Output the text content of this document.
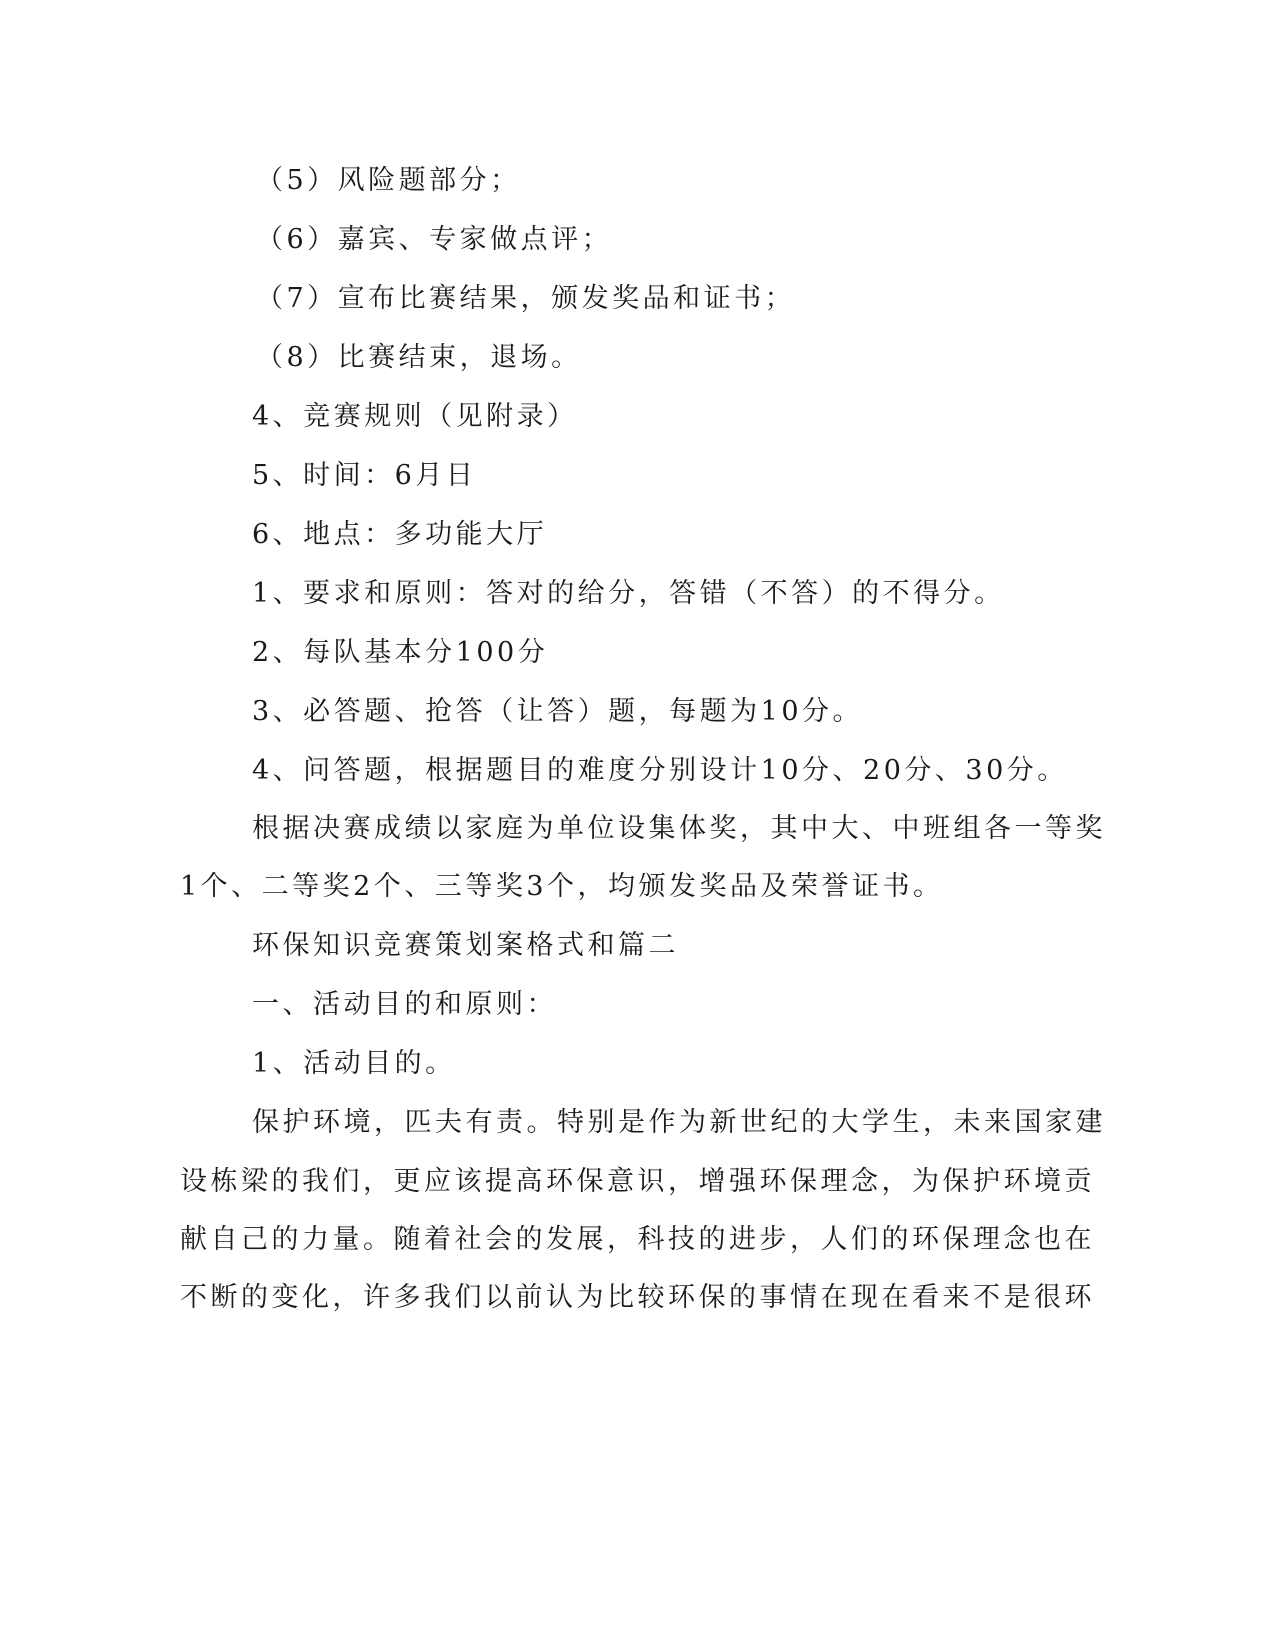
（5）风险题部分；
（6）嘉宾、专家做点评；
（7）宣布比赛结果，颁发奖品和证书；
（8）比赛结束，退场。
4、竞赛规则（见附录）
5、时间：6月日
6、地点：多功能大厅
1、要求和原则：答对的给分，答错（不答）的不得分。
2、每队基本分100分
3、必答题、抢答（让答）题，每题为10分。
4、问答题，根据题目的难度分别设计10分、20分、30分。
根据决赛成绩以家庭为单位设集体奖，其中大、中班组各一等奖
1个、二等奖2个、三等奖3个，均颁发奖品及荣誉证书。
环保知识竞赛策划案格式和篇二
一、活动目的和原则：
1、活动目的。
保护环境，匹夫有责。特别是作为新世纪的大学生，未来国家建
设栋梁的我们，更应该提高环保意识，增强环保理念，为保护环境贡
献自己的力量。随着社会的发展，科技的进步，人们的环保理念也在
不断的变化，许多我们以前认为比较环保的事情在现在看来不是很环
